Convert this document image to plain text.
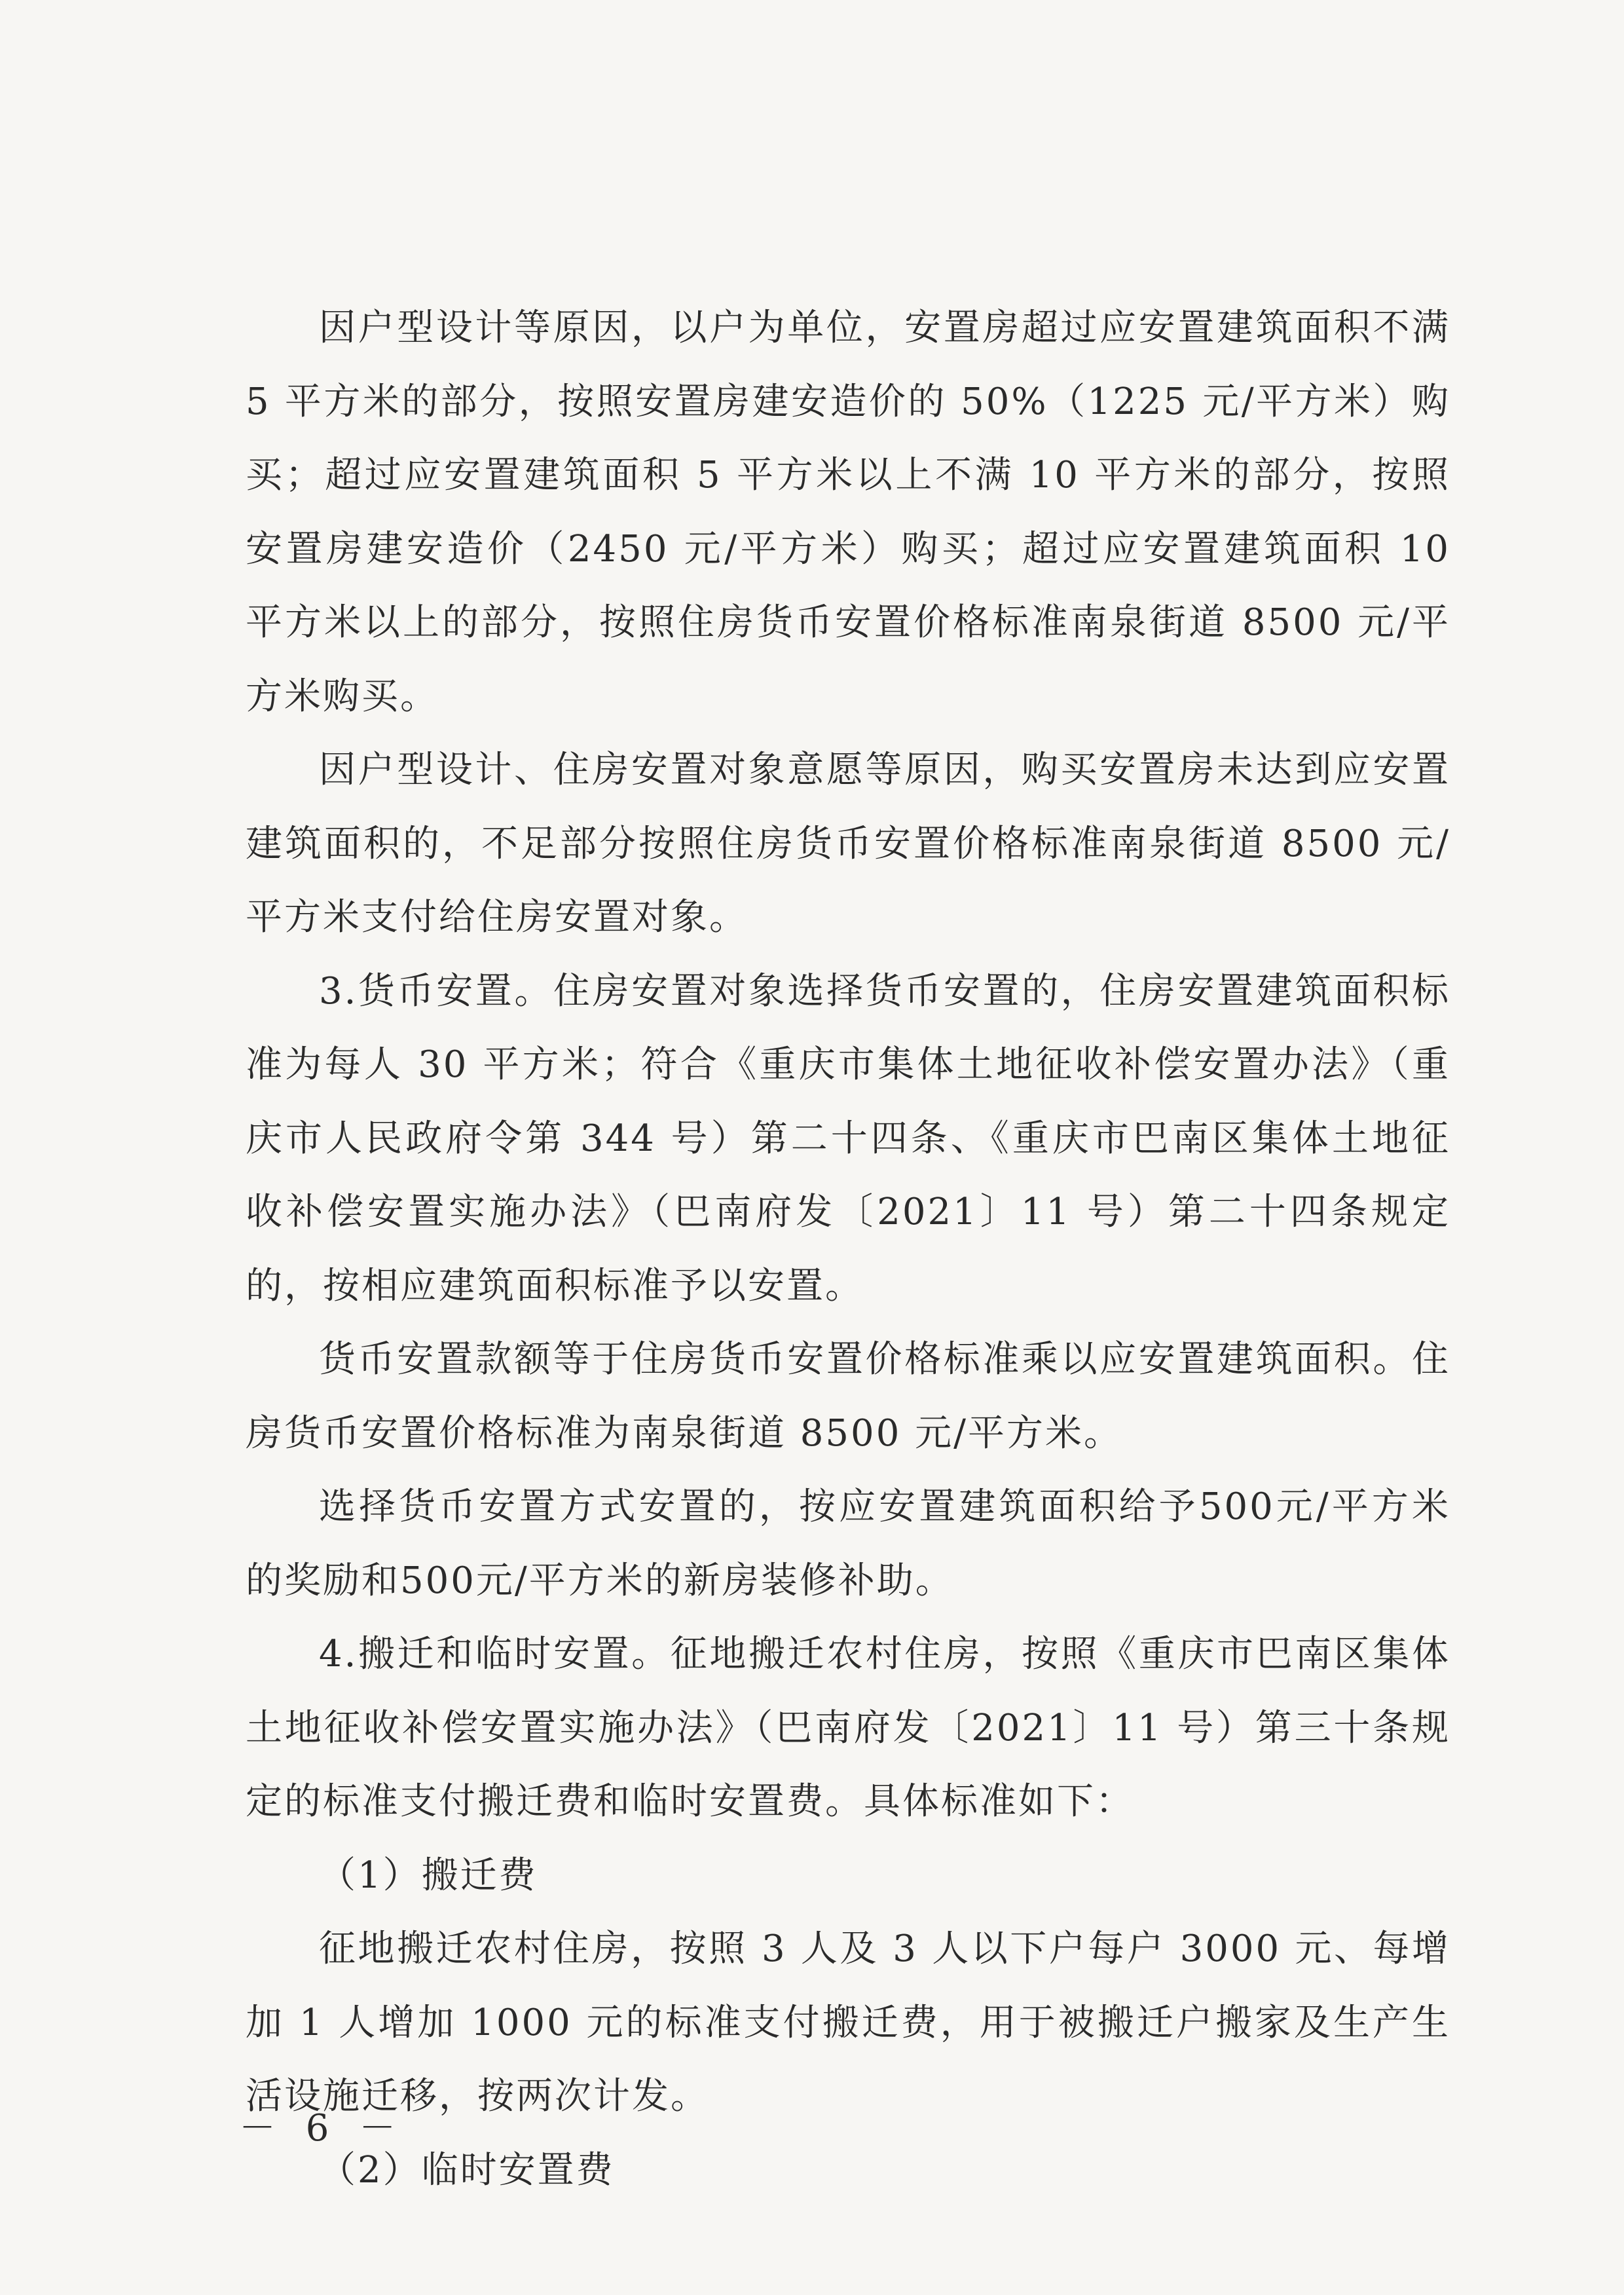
因户型设计等原因，以户为单位，安置房超过应安置建筑面积不满 5 平方米的部分，按照安置房建安造价的 50%（1225 元/平方米）购买；超过应安置建筑面积 5 平方米以上不满 10 平方米的部分，按照安置房建安造价（2450 元/平方米）购买；超过应安置建筑面积 10 平方米以上的部分，按照住房货币安置价格标准南泉街道 8500 元/平方米购买。

因户型设计、住房安置对象意愿等原因，购买安置房未达到应安置建筑面积的，不足部分按照住房货币安置价格标准南泉街道 8500 元/平方米支付给住房安置对象。

3.货币安置。住房安置对象选择货币安置的，住房安置建筑面积标准为每人 30 平方米；符合《重庆市集体土地征收补偿安置办法》（重庆市人民政府令第 344 号）第二十四条、《重庆市巴南区集体土地征收补偿安置实施办法》（巴南府发〔2021〕11 号）第二十四条规定的，按相应建筑面积标准予以安置。

货币安置款额等于住房货币安置价格标准乘以应安置建筑面积。住房货币安置价格标准为南泉街道 8500 元/平方米。

选择货币安置方式安置的，按应安置建筑面积给予500元/平方米的奖励和500元/平方米的新房装修补助。

4.搬迁和临时安置。征地搬迁农村住房，按照《重庆市巴南区集体土地征收补偿安置实施办法》（巴南府发〔2021〕11 号）第三十条规定的标准支付搬迁费和临时安置费。具体标准如下：

（1）搬迁费

征地搬迁农村住房，按照 3 人及 3 人以下户每户 3000 元、每增加 1 人增加 1000 元的标准支付搬迁费，用于被搬迁户搬家及生产生活设施迁移，按两次计发。

（2）临时安置费

－ 6 －
